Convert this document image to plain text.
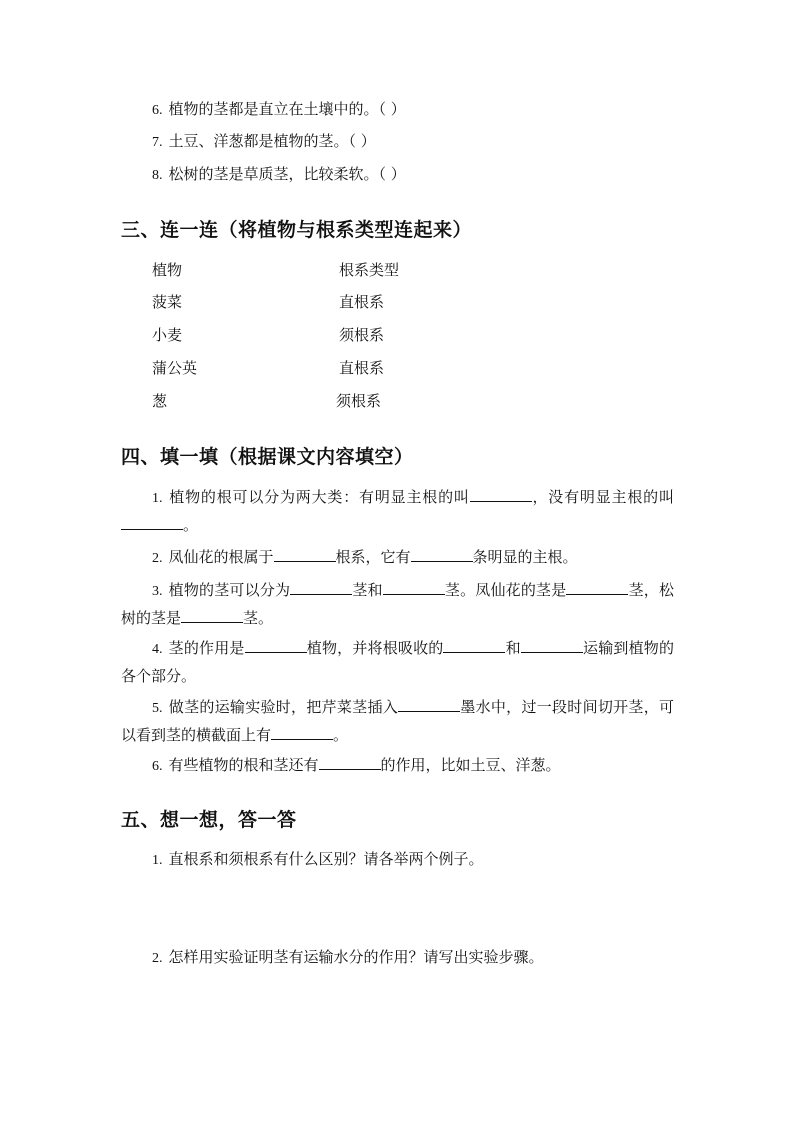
6. 植物的茎都是直立在土壤中的。（ ）
7. 土豆、洋葱都是植物的茎。（ ）
8. 松树的茎是草质茎，比较柔软。（ ）
三、连一连（将植物与根系类型连起来）
植物	根系类型
菠菜	直根系
小麦	须根系
蒲公英	直根系
葱	须根系
四、填一填（根据课文内容填空）

1. 植物的根可以分为两大类：有明显主根的叫	，没有明显主根的叫。

2. 凤仙花的根属于	根系，它有	条明显的主根。

3. 植物的茎可以分为	茎和	茎。凤仙花的茎是	茎，松树的茎是	茎。

4. 茎的作用是	植物，并将根吸收的	和	运输到植物的各个部分。

5. 做茎的运输实验时，把芹菜茎插入	墨水中，过一段时间切开茎，可以看到茎的横截面上有	。

6. 有些植物的根和茎还有	的作用，比如土豆、洋葱。

五、想一想，答一答
1. 直根系和须根系有什么区别？请各举两个例子。
2. 怎样用实验证明茎有运输水分的作用？请写出实验步骤。
